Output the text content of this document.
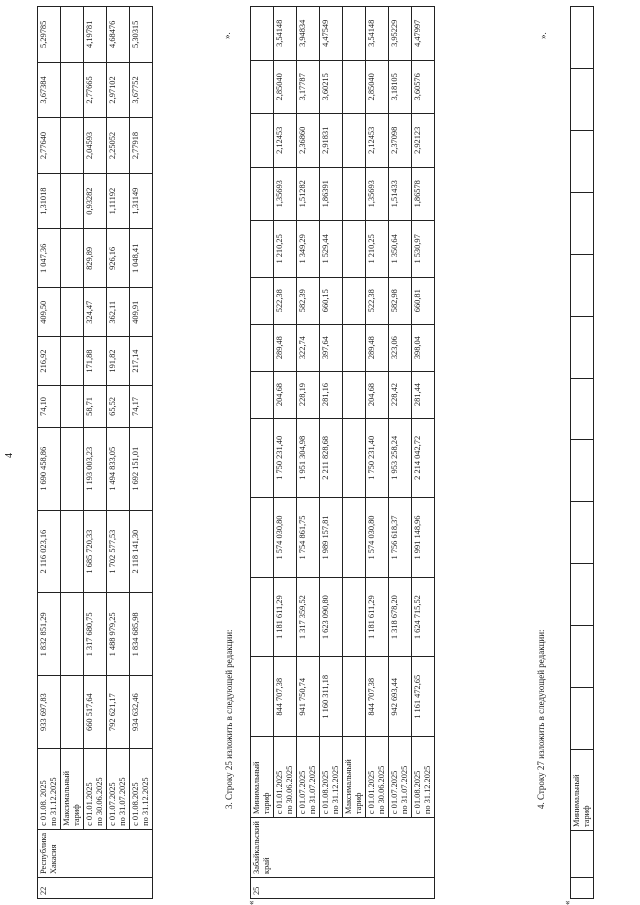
4
22	Республика Хакасия	с 01.08. 2025 по 31.12.2025	933 697,83	1 832 851,29	2 116 023,16	1 690 458,86	74,10	216,92	409,50	1 047,36	1,31018	2,77640	3,67384	5,29785

		Максимальный тариф												

		с 01.01.2025 по 30.06.2025	660 517,64	1 317 680,75	1 685 720,33	1 193 003,23	58,71	171,88	324,47	829,89	0,93282	2,04593	2,77665	4,19781

		с 01.07.2025 по 31.07.2025	792 621,17	1 488 979,25	1 702 577,53	1 494 833,05	65,52	191,82	362,11	926,16	1,11192	2,25052	2,97102	4,68476

		с 01.08.2025 по 31.12.2025	934 632,46	1 834 685,98	2 118 141,30	1 692 151,01	74,17	217,14	409,91	1 048,41	1,31149	2,77918	3,67752	5,30315	».
3. Строку 25 изложить в следующей редакции:
«
25	Забайкальский край	Минимальный тариф												

		с 01.01.2025 по 30.06.2025	844 707,38	1 181 611,29	1 574 030,80	1 750 231,40	204,68	289,48	522,38	1 210,25	1,35693	2,12453	2,85040	3,54148

		с 01.07.2025 по 31.07.2025	941 750,74	1 317 359,52	1 754 861,75	1 951 304,98	228,19	322,74	582,39	1 349,29	1,51282	2,36860	3,17787	3,94834

		с 01.08.2025 по 31.12.2025	1 160 311,18	1 623 090,80	1 989 157,81	2 211 828,68	281,16	397,64	660,15	1 529,44	1,86391	2,91831	3,60215	4,47549

		Максимальный тариф												

		с 01.01.2025 по 30.06.2025	844 707,38	1 181 611,29	1 574 030,80	1 750 231,40	204,68	289,48	522,38	1 210,25	1,35693	2,12453	2,85040	3,54148

		с 01.07.2025 по 31.07.2025	942 693,44	1 318 678,20	1 756 618,37	1 953 258,24	228,42	323,06	582,98	1 350,64	1,51433	2,37098	3,18105	3,95229

		с 01.08.2025 по 31.12.2025	1 161 472,65	1 624 715,52	1 991 148,96	2 214 042,72	281,44	398,04	660,81	1 530,97	1,86578	2,92123	3,60576	4,47997	».
4. Строку 27 изложить в следующей редакции:
«

Минимальный тариф
